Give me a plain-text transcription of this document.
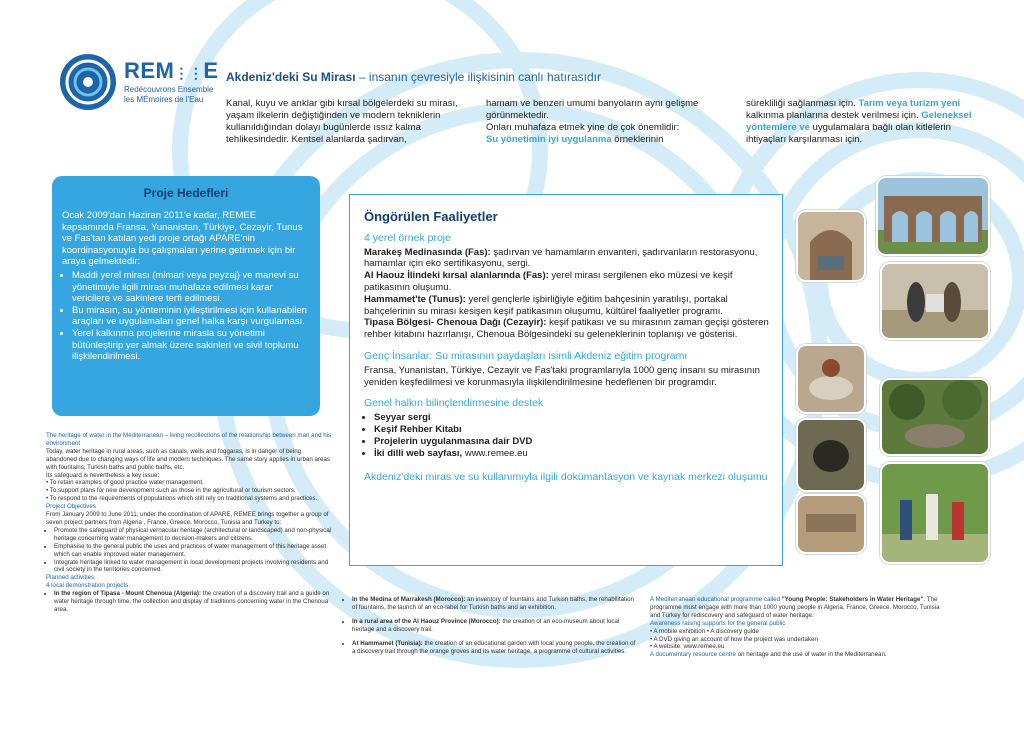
REM⋮⋮E
Redécouvrons Ensemble
les MÉmoires de l'Eau
Akdeniz'deki Su Mirası – insanın çevresiyle ilişkisinin canlı hatırasıdır
Kanal, kuyu ve arıklar gibi kırsal bölgelerdeki su mirası, yaşam ilkelerin değiştiğinden ve modern tekniklerin kullanıldığından dolayı bugünlerde ıssız kalma tehlikesindedir. Kentsel alanlarda şadırvan,
hamam ve benzeri umumi banyoların aynı gelişme görünmektedir.
Onları muhafaza etmek yine de çok önemlidir:
Su yönetimin iyi uygulanma örneklerinin
sürekliliği sağlanması için. Tarım veya turizm yeni kalkınma planlarına destek verilmesi için. Geleneksel yöntemlere ve uygulamalara bağlı olan kitlelerin ihtiyaçları karşılanması için.
Proje Hedefleri
Ocak 2009'dan Haziran 2011'e kadar, REMEE kapsamında Fransa, Yunanistan, Türkiye, Cezayir, Tunus ve Fas'tan katılan yedi proje ortağı APARE'nin koordinasyonuyla bu çalışmaları yerine getirmek için bir araya gelmektedir:
• Maddi yerel mirası (mimari veya peyzaj) ve manevi su yönetimiyle ilgili mirası muhafaza edilmesi karar vericilere ve sakinlere terfi edilmesi.
• Bu mirasın, su yönteminin iyileştirilmesi için kullanabilen araçları ve uygulamaları genel halka karşı vurgulaması.
• Yerel kalkınma projelerine mirasla su yönetimi bütünleştirip yer almak üzere sakinleri ve sivil toplumu ilişkilendirilmesi.
Öngörülen Faaliyetler
4 yerel örnek proje
Marakeş Medinasında (Fas): şadırvan ve hamamların envanteri, şadırvanların restorasyonu, hamamlar için eko sertifikasyonu, sergi.
Al Haouz İlindeki kırsal alanlarında (Fas): yerel mirası sergilenen eko müzesi ve keşif patikasının oluşumu.
Hammamet'te (Tunus): yerel gençlerle işbirliğiyle eğitim bahçesinin yaratılışı, portakal bahçelerinin su mirası kesişen keşif patikasının oluşumu, kültürel faaliyetler programı.
Tipasa Bölgesi- Chenoua Dağı (Cezayir): keşif patikası ve su mirasının zaman geçişi gösteren rehber kitabını hazırlanışı, Chenoua Bölgesindeki su geleneklerinin toplanışı ve gösterisi.
Genç İnsanlar: Su mirasının paydaşları isimli Akdeniz eğitim programı
Fransa, Yunanistan, Türkiye, Cezayir ve Fas'taki programlarıyla 1000 genç insanı su mirasının yeniden keşfedilmesi ve korunmasıyla ilişkilendirilmesine hedeflenen bir programdır.
Genel halkın bilinçlendirmesine destek
• Seyyar sergi
• Keşif Rehber Kitabı
• Projelerin uygulanmasına dair DVD
• İki dilli web sayfası, www.remee.eu
Akdeniz'deki miras ve su kullanımıyla ilgili dokümantasyon ve kaynak merkezi oluşumu
The heritage of water in the Mediterranean – living recollections of the relationship between man and his environment
Today, water heritage in rural areas, such as canals, wells and foggaras, is in danger of being abandoned due to changing ways of life and modern techniques. The same story applies in urban areas with fountains, Turkish baths and public baths, etc.
Its safeguard is nevertheless a key issue:
• To retain examples of good practice water management.
• To support plans for new development such as those in the agricultural or tourism sectors.
• To respond to the requirements of populations which still rely on traditional systems and practices.
Project Objectives
From January 2009 to June 2011, under the coordination of APARE, REMEE brings together a group of seven project partners from Algeria , France, Greece, Morocco, Tunisia and Turkey to:
• Promote the safeguard of physical vernacular heritage (architectural or landscaped) and non-physical heritage concerning water management to decision-makers and citizens.
• Emphasise to the general public the uses and practices of water management of this heritage asset which can enable improved water management.
• Integrate heritage linked to water management in local development projects involving residents and civil society in the territories concerned.
Planned activities
4 local demonstration projects
• In the region of Tipasa - Mount Chenoua (Algeria): the creation of a discovery trail and a guide on water heritage through time, the collection and display of traditions concerning water in the Chenoua area.
• In the Medina of Marrakesh (Morocco): an inventory of fountains and Turkish baths, the rehabilitation of fountains, the launch of an eco-label for Turkish baths and an exhibition.
• In a rural area of the Al Haouz Province (Morocco): the creation of an eco-museum about local heritage and a discovery trail.
• At Hammamet (Tunisia): the creation of an educational garden with local young people, the creation of a discovery trail through the orange groves and its water heritage, a programme of cultural activities.
A Mediterranean educational programme called "Young People: Stakeholders in Water Heritage". The programme must engage with more than 1000 young people in Algeria, France, Greece, Morocco, Tunisia and Turkey for rediscovery and safeguard of water heritage.
Awareness raising supports for the general public
• A mobile exhibition • A discovery guide
• A DVD giving an account of how the project was undertaken
• A website: www.remee.eu
A documentary resource centre on heritage and the use of water in the Mediterranean.
